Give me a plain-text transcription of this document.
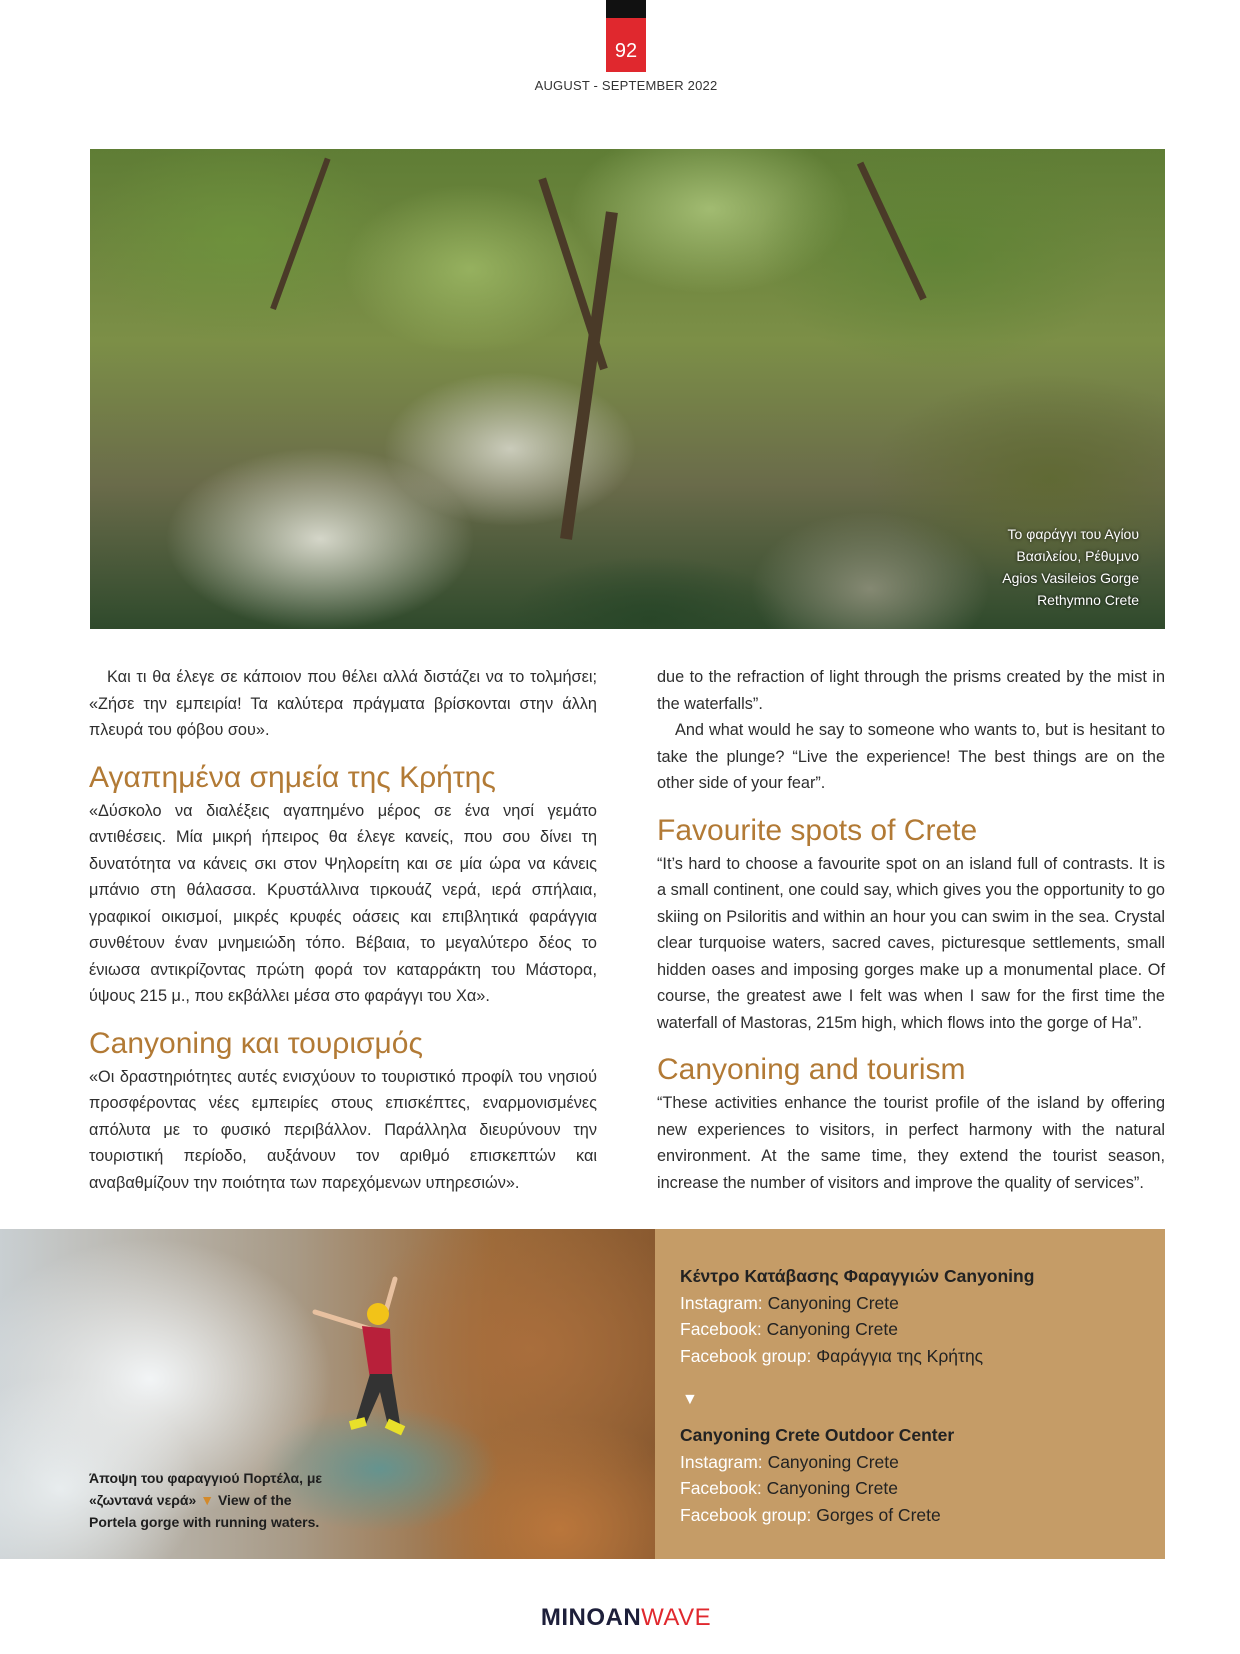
92
AUGUST - SEPTEMBER 2022
Το φαράγγι του Αγίου
Βασιλείου, Ρέθυμνο
Agios Vasileios Gorge
Rethymno Crete

Και τι θα έλεγε σε κάποιον που θέλει αλλά διστάζει να το τολμήσει; «Ζήσε την εμπειρία! Τα καλύτερα πράγματα βρίσκονται στην άλλη πλευρά του φόβου σου».

Αγαπημένα σημεία της Κρήτης

«Δύσκολο να διαλέξεις αγαπημένο μέρος σε ένα νησί γεμάτο αντιθέσεις. Μία μικρή ήπειρος θα έλεγε κανείς, που σου δίνει τη δυνατότητα να κάνεις σκι στον Ψηλορείτη και σε μία ώρα να κάνεις μπάνιο στη θάλασσα. Κρυστάλλινα τιρκουάζ νερά, ιερά σπήλαια, γραφικοί οικισμοί, μικρές κρυφές οάσεις και επιβλητικά φαράγγια συνθέτουν έναν μνημειώδη τόπο. Βέβαια, το μεγαλύτερο δέος το ένιωσα αντικρίζοντας πρώτη φορά τον καταρράκτη του Μάστορα, ύψους 215 μ., που εκβάλλει μέσα στο φαράγγι του Χα».

Canyoning και τουρισμός

«Οι δραστηριότητες αυτές ενισχύουν το τουριστικό προφίλ του νησιού προσφέροντας νέες εμπειρίες στους επισκέπτες, εναρμονισμένες απόλυτα με το φυσικό περιβάλλον. Παράλληλα διευρύνουν την τουριστική περίοδο, αυξάνουν τον αριθμό επισκεπτών και αναβαθμίζουν την ποιότητα των παρεχόμενων υπηρεσιών».

due to the refraction of light through the prisms created by the mist in the waterfalls”.

And what would he say to someone who wants to, but is hesitant to take the plunge? “Live the experience! The best things are on the other side of your fear”.

Favourite spots of Crete

“It’s hard to choose a favourite spot on an island full of contrasts. It is a small continent, one could say, which gives you the opportunity to go skiing on Psiloritis and within an hour you can swim in the sea. Crystal clear turquoise waters, sacred caves, picturesque settlements, small hidden oases and imposing gorges make up a monumental place. Of course, the greatest awe I felt was when I saw for the first time the waterfall of Mastoras, 215m high, which flows into the gorge of Ha”.

Canyoning and tourism

“These activities enhance the tourist profile of the island by offering new experiences to visitors, in perfect harmony with the natural environment. At the same time, they extend the tourist season, increase the number of visitors and improve the quality of services”.

Άποψη του φαραγγιού Πορτέλα, με «ζωντανά νερά» ▼ View of the Portela gorge with running waters.
Κέντρο Κατάβασης Φαραγγιών Canyoning
Instagram: Canyoning Crete
Facebook: Canyoning Crete
Facebook group: Φαράγγια της Κρήτης
▼
Canyoning Crete Outdoor Center
Instagram: Canyoning Crete
Facebook: Canyoning Crete
Facebook group: Gorges of Crete
MINOANWAVE
